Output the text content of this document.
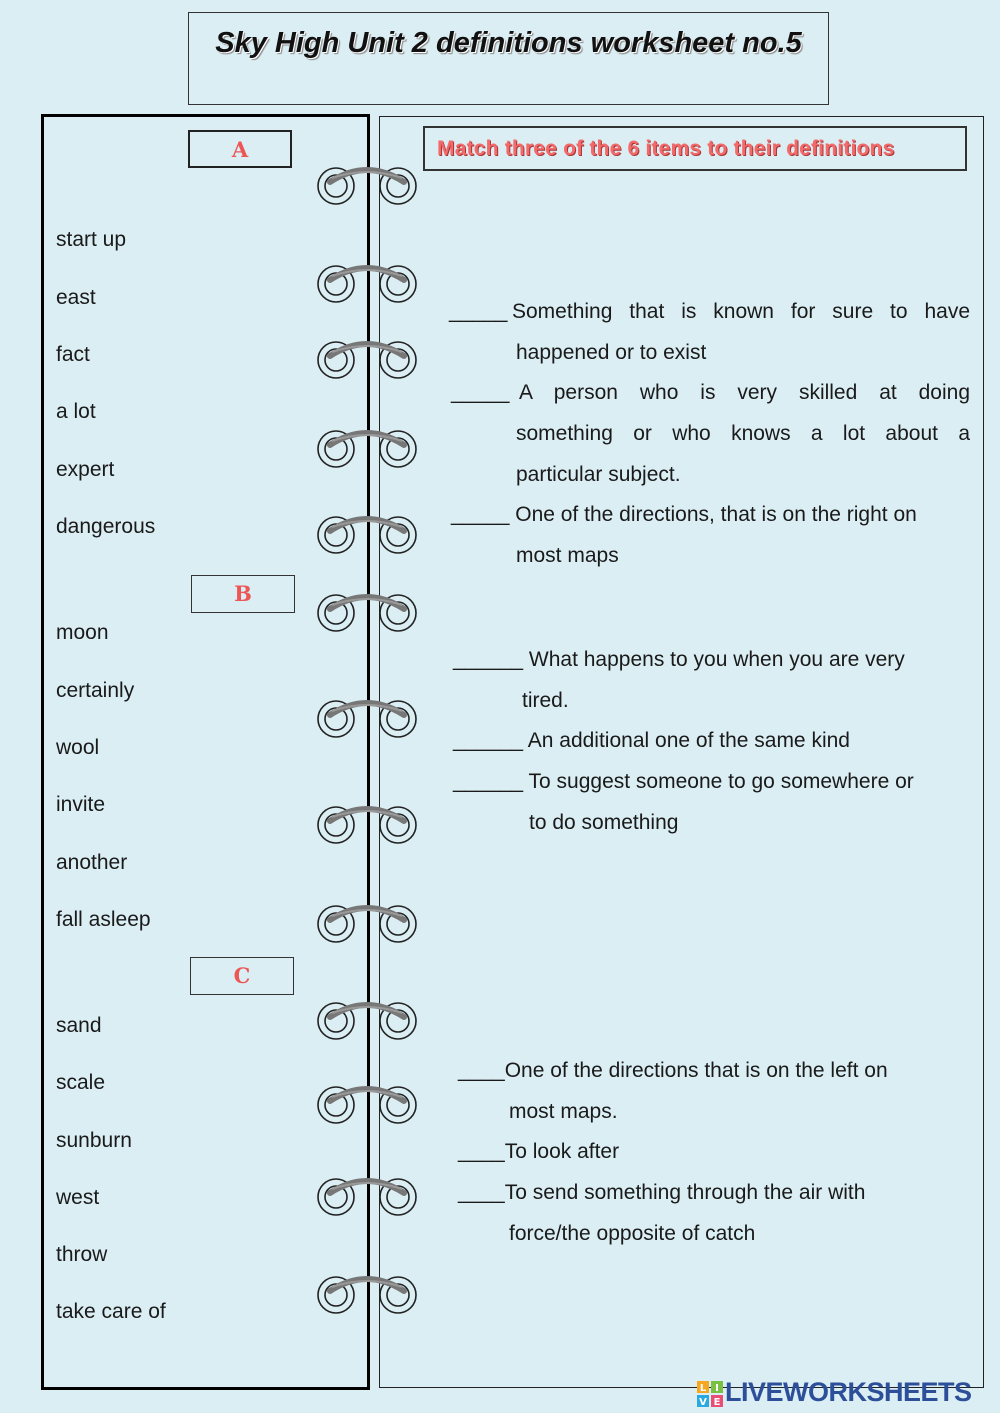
Sky High Unit 2 definitions worksheet no.5
Match three of the 6 items to their definitions
A
B
C
start up
east
fact
a lot
expert
dangerous
moon
certainly
wool
invite
another
fall asleep
sand
scale
sunburn
west
throw
take care of
_____ Something that is known for sure to have
happened or to exist
_____ A person who is very skilled at doing
something or who knows a lot about a
particular subject.
_____ One of the directions, that is on the right on
most maps
______ What happens to you when you are very
tired.
______ An additional one of the same kind
______ To suggest someone to go somewhere or
to do something
____One of the directions that is on the left on
most maps.
____To look after
____To send something through the air with
force/the opposite of catch
L I
V E LIVEWORKSHEETS
